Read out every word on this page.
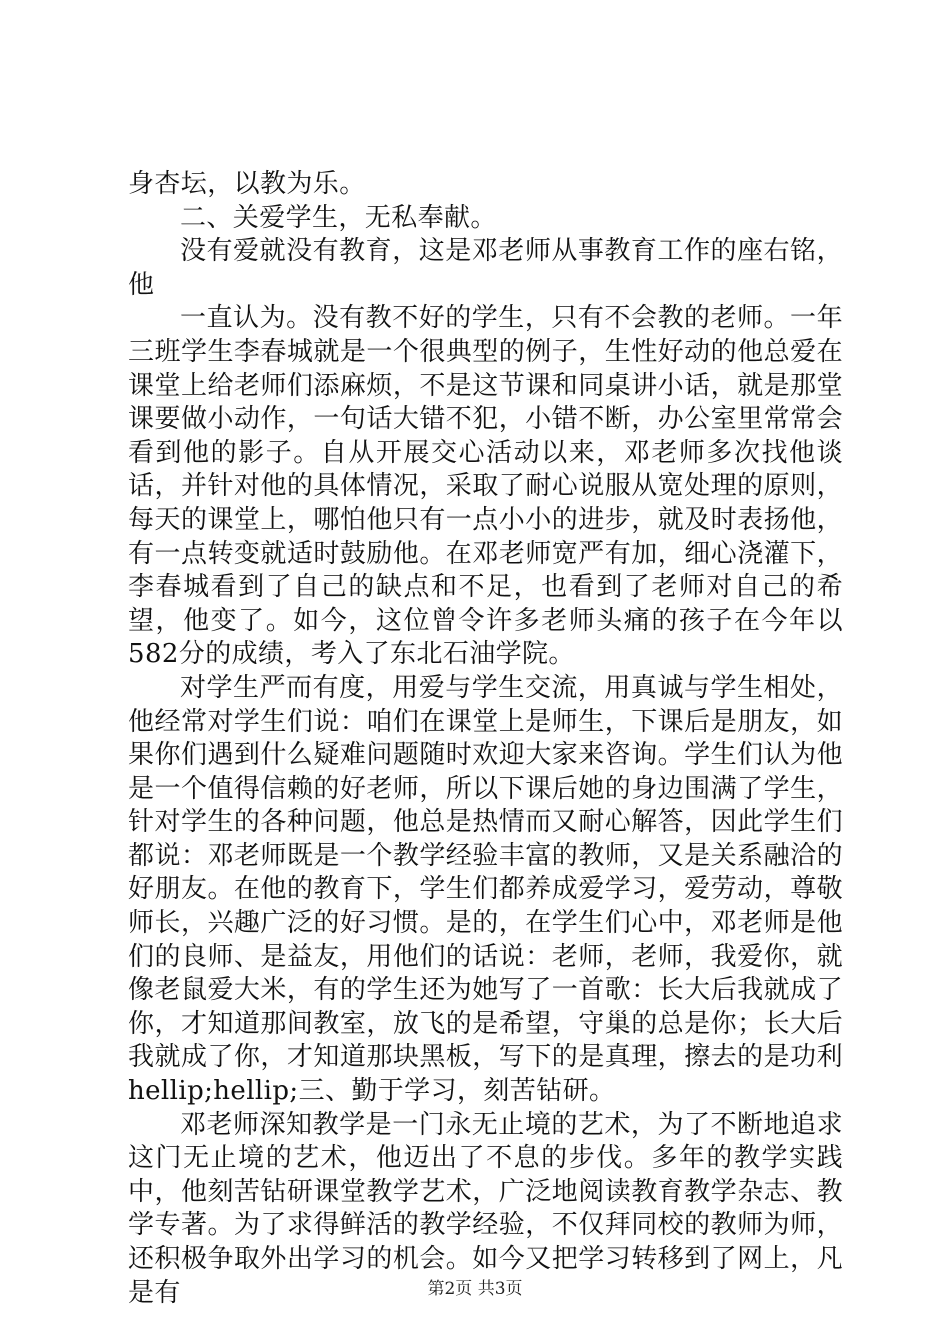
身杏坛，以教为乐。

二、关爱学生，无私奉献。

没有爱就没有教育，这是邓老师从事教育工作的座右铭，他

一直认为。没有教不好的学生，只有不会教的老师。一年三班学生李春城就是一个很典型的例子，生性好动的他总爱在课堂上给老师们添麻烦，不是这节课和同桌讲小话，就是那堂课要做小动作，一句话大错不犯，小错不断，办公室里常常会看到他的影子。自从开展交心活动以来，邓老师多次找他谈话，并针对他的具体情况，采取了耐心说服从宽处理的原则，每天的课堂上，哪怕他只有一点小小的进步，就及时表扬他，有一点转变就适时鼓励他。在邓老师宽严有加，细心浇灌下，李春城看到了自己的缺点和不足，也看到了老师对自己的希望，他变了。如今，这位曾令许多老师头痛的孩子在今年以582分的成绩，考入了东北石油学院。

对学生严而有度，用爱与学生交流，用真诚与学生相处，他经常对学生们说：咱们在课堂上是师生，下课后是朋友，如果你们遇到什么疑难问题随时欢迎大家来咨询。学生们认为他是一个值得信赖的好老师，所以下课后她的身边围满了学生，针对学生的各种问题，他总是热情而又耐心解答，因此学生们都说：邓老师既是一个教学经验丰富的教师，又是关系融洽的好朋友。在他的教育下，学生们都养成爱学习，爱劳动，尊敬师长，兴趣广泛的好习惯。是的，在学生们心中，邓老师是他们的良师、是益友，用他们的话说：老师，老师，我爱你，就像老鼠爱大米，有的学生还为她写了一首歌：长大后我就成了你，才知道那间教室，放飞的是希望，守巢的总是你；长大后我就成了你，才知道那块黑板，写下的是真理，擦去的是功利hellip;hellip;三、勤于学习，刻苦钻研。

邓老师深知教学是一门永无止境的艺术，为了不断地追求这门无止境的艺术，他迈出了不息的步伐。多年的教学实践中，他刻苦钻研课堂教学艺术，广泛地阅读教育教学杂志、教学专著。为了求得鲜活的教学经验，不仅拜同校的教师为师，还积极争取外出学习的机会。如今又把学习转移到了网上，凡是有	第2页 共3页
